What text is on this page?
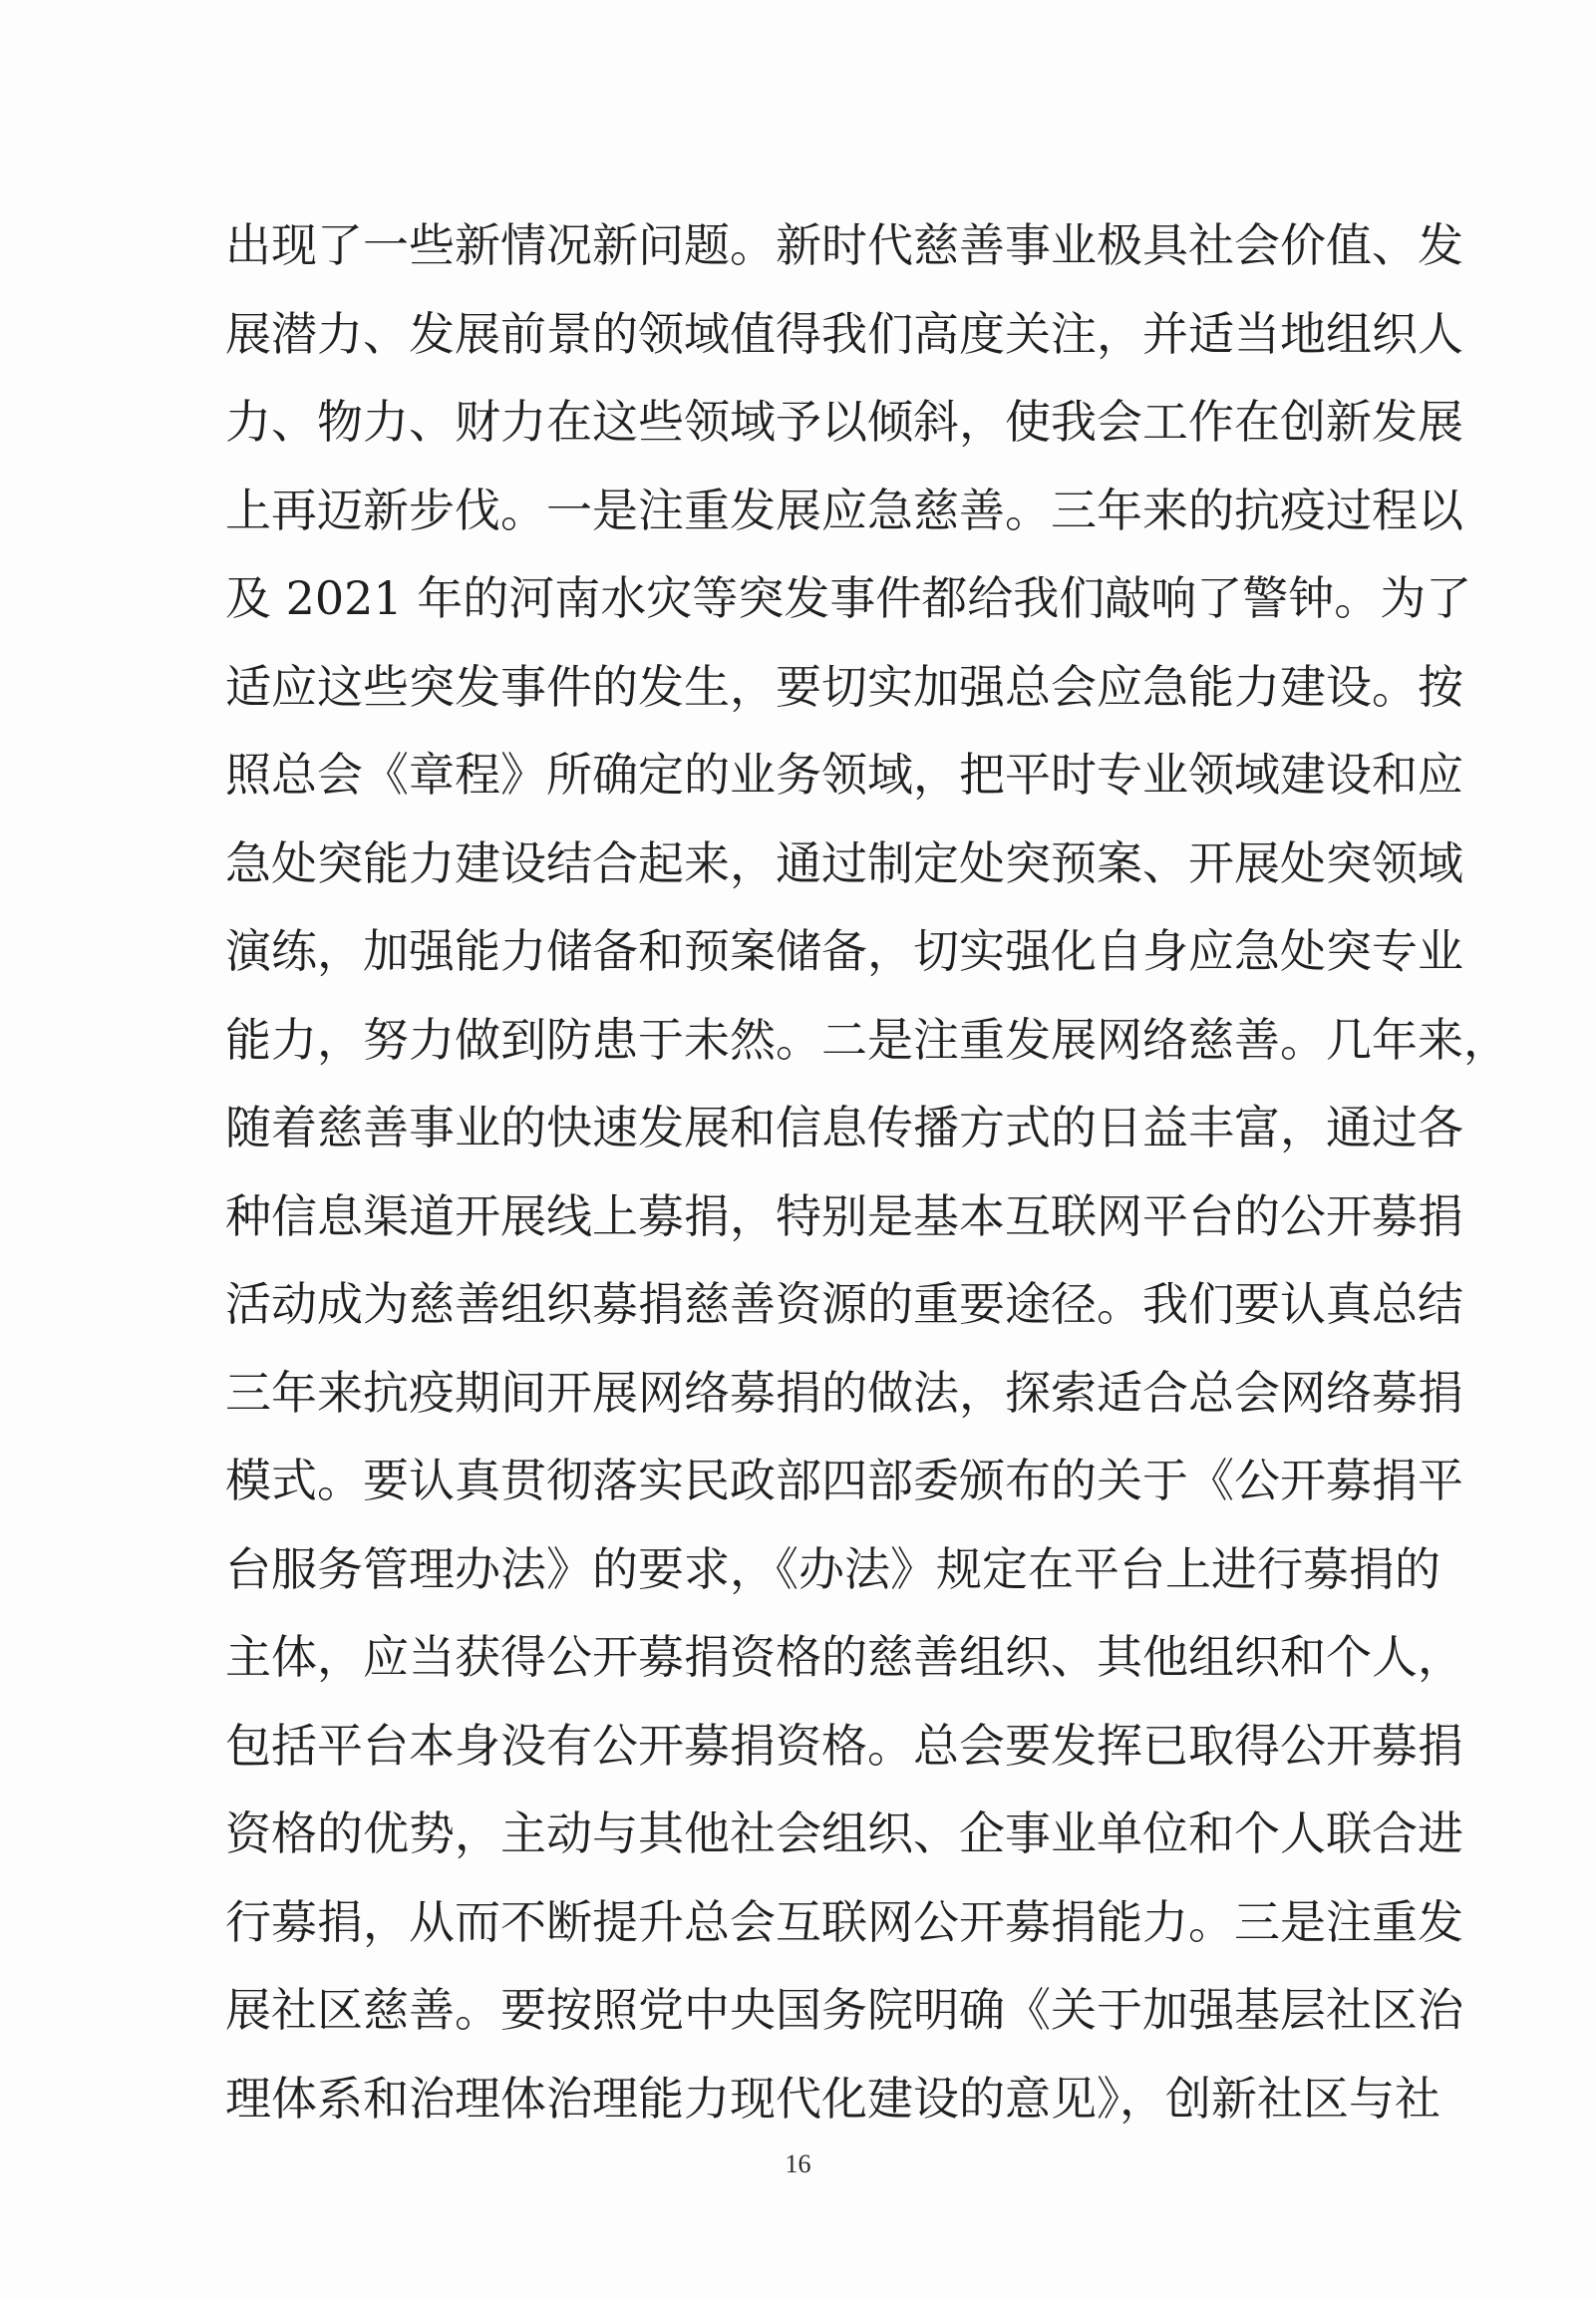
出现了一些新情况新问题。新时代慈善事业极具社会价值、发
展潜力、发展前景的领域值得我们高度关注，并适当地组织人
力、物力、财力在这些领域予以倾斜，使我会工作在创新发展
上再迈新步伐。一是注重发展应急慈善。三年来的抗疫过程以
及 2021 年的河南水灾等突发事件都给我们敲响了警钟。为了
适应这些突发事件的发生，要切实加强总会应急能力建设。按
照总会《章程》所确定的业务领域，把平时专业领域建设和应
急处突能力建设结合起来，通过制定处突预案、开展处突领域
演练，加强能力储备和预案储备，切实强化自身应急处突专业
能力，努力做到防患于未然。二是注重发展网络慈善。几年来，
随着慈善事业的快速发展和信息传播方式的日益丰富，通过各
种信息渠道开展线上募捐，特别是基本互联网平台的公开募捐
活动成为慈善组织募捐慈善资源的重要途径。我们要认真总结
三年来抗疫期间开展网络募捐的做法，探索适合总会网络募捐
模式。要认真贯彻落实民政部四部委颁布的关于《公开募捐平
台服务管理办法》的要求，《办法》规定在平台上进行募捐的
主体，应当获得公开募捐资格的慈善组织、其他组织和个人，
包括平台本身没有公开募捐资格。总会要发挥已取得公开募捐
资格的优势，主动与其他社会组织、企事业单位和个人联合进
行募捐，从而不断提升总会互联网公开募捐能力。三是注重发
展社区慈善。要按照党中央国务院明确《关于加强基层社区治
理体系和治理体治理能力现代化建设的意见》，创新社区与社
16
